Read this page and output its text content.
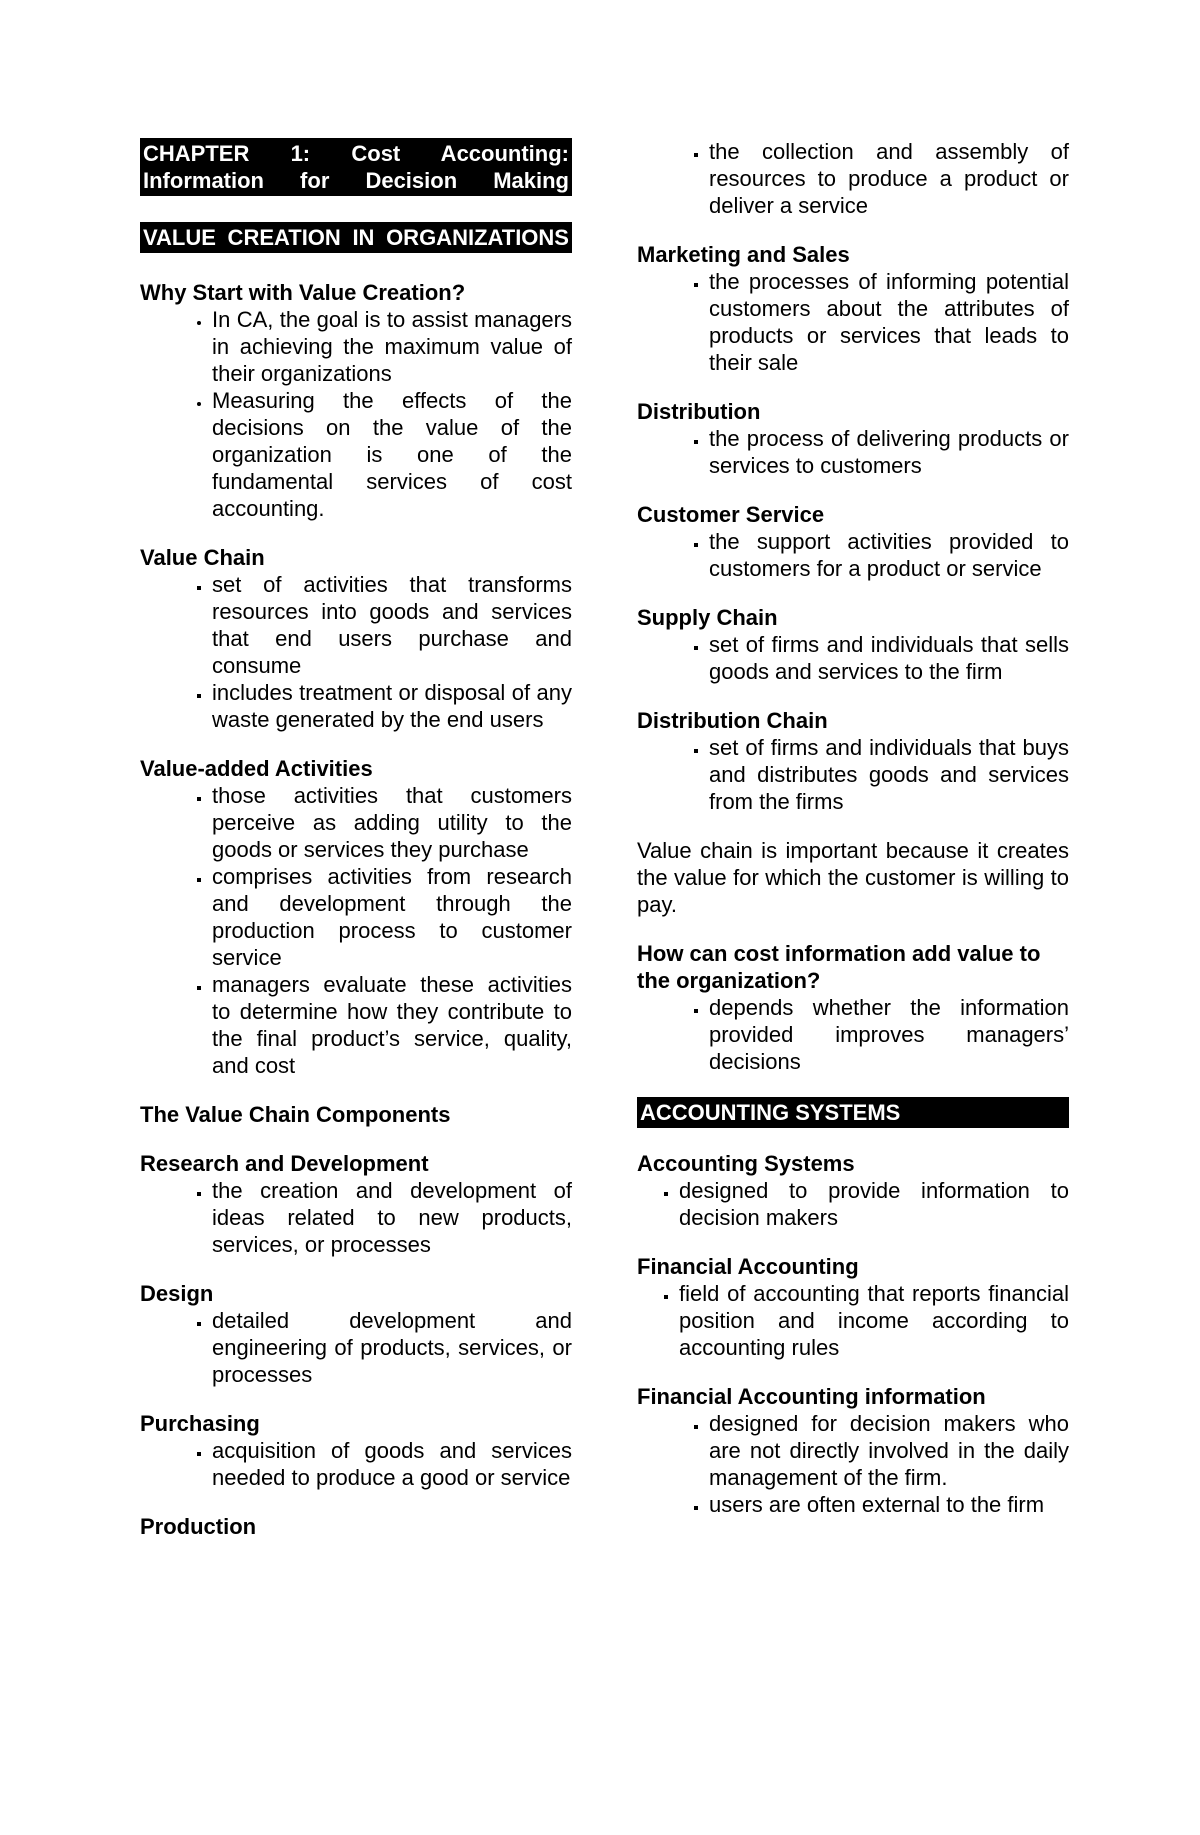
CHAPTER 1: Cost Accounting: Information for Decision Making
VALUE CREATION IN ORGANIZATIONS
Why Start with Value Creation?
• In CA, the goal is to assist managers in achieving the maximum value of their organizations
• Measuring the effects of the decisions on the value of the organization is one of the fundamental services of cost accounting.
Value Chain
▪ set of activities that transforms resources into goods and services that end users purchase and consume
▪ includes treatment or disposal of any waste generated by the end users
Value-added Activities
▪ those activities that customers perceive as adding utility to the goods or services they purchase
▪ comprises activities from research and development through the production process to customer service
▪ managers evaluate these activities to determine how they contribute to the final product’s service, quality, and cost
The Value Chain Components
Research and Development
▪ the creation and development of ideas related to new products, services, or processes
Design
▪ detailed development and engineering of products, services, or processes
Purchasing
▪ acquisition of goods and services needed to produce a good or service
Production
▪ the collection and assembly of resources to produce a product or deliver a service
Marketing and Sales
▪ the processes of informing potential customers about the attributes of products or services that leads to their sale
Distribution
▪ the process of delivering products or services to customers
Customer Service
▪ the support activities provided to customers for a product or service
Supply Chain
▪ set of firms and individuals that sells goods and services to the firm
Distribution Chain
▪ set of firms and individuals that buys and distributes goods and services from the firms
Value chain is important because it creates the value for which the customer is willing to pay.
How can cost information add value to the organization?
▪ depends whether the information provided improves managers’ decisions
ACCOUNTING SYSTEMS
Accounting Systems
▪ designed to provide information to decision makers
Financial Accounting
▪ field of accounting that reports financial position and income according to accounting rules
Financial Accounting information
▪ designed for decision makers who are not directly involved in the daily management of the firm.
▪ users are often external to the firm
